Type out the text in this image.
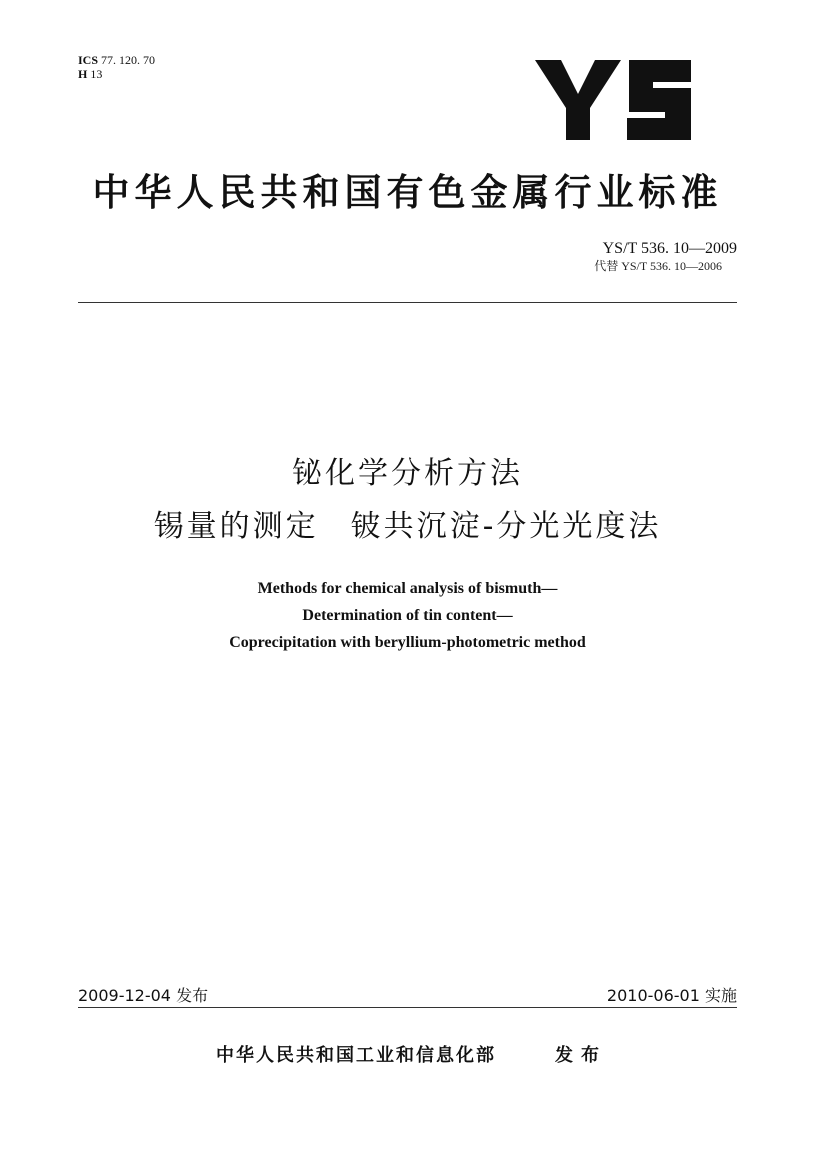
ICS 77. 120. 70
H 13
中华人民共和国有色金属行业标准
YS/T 536. 10—2009
代替 YS/T 536. 10—2006
铋化学分析方法
锡量的测定 铍共沉淀-分光光度法
Methods for chemical analysis of bismuth—
Determination of tin content—
Coprecipitation with beryllium-photometric method
2009-12-04 发布	2010-06-01 实施
中华人民共和国工业和信息化部	发布
